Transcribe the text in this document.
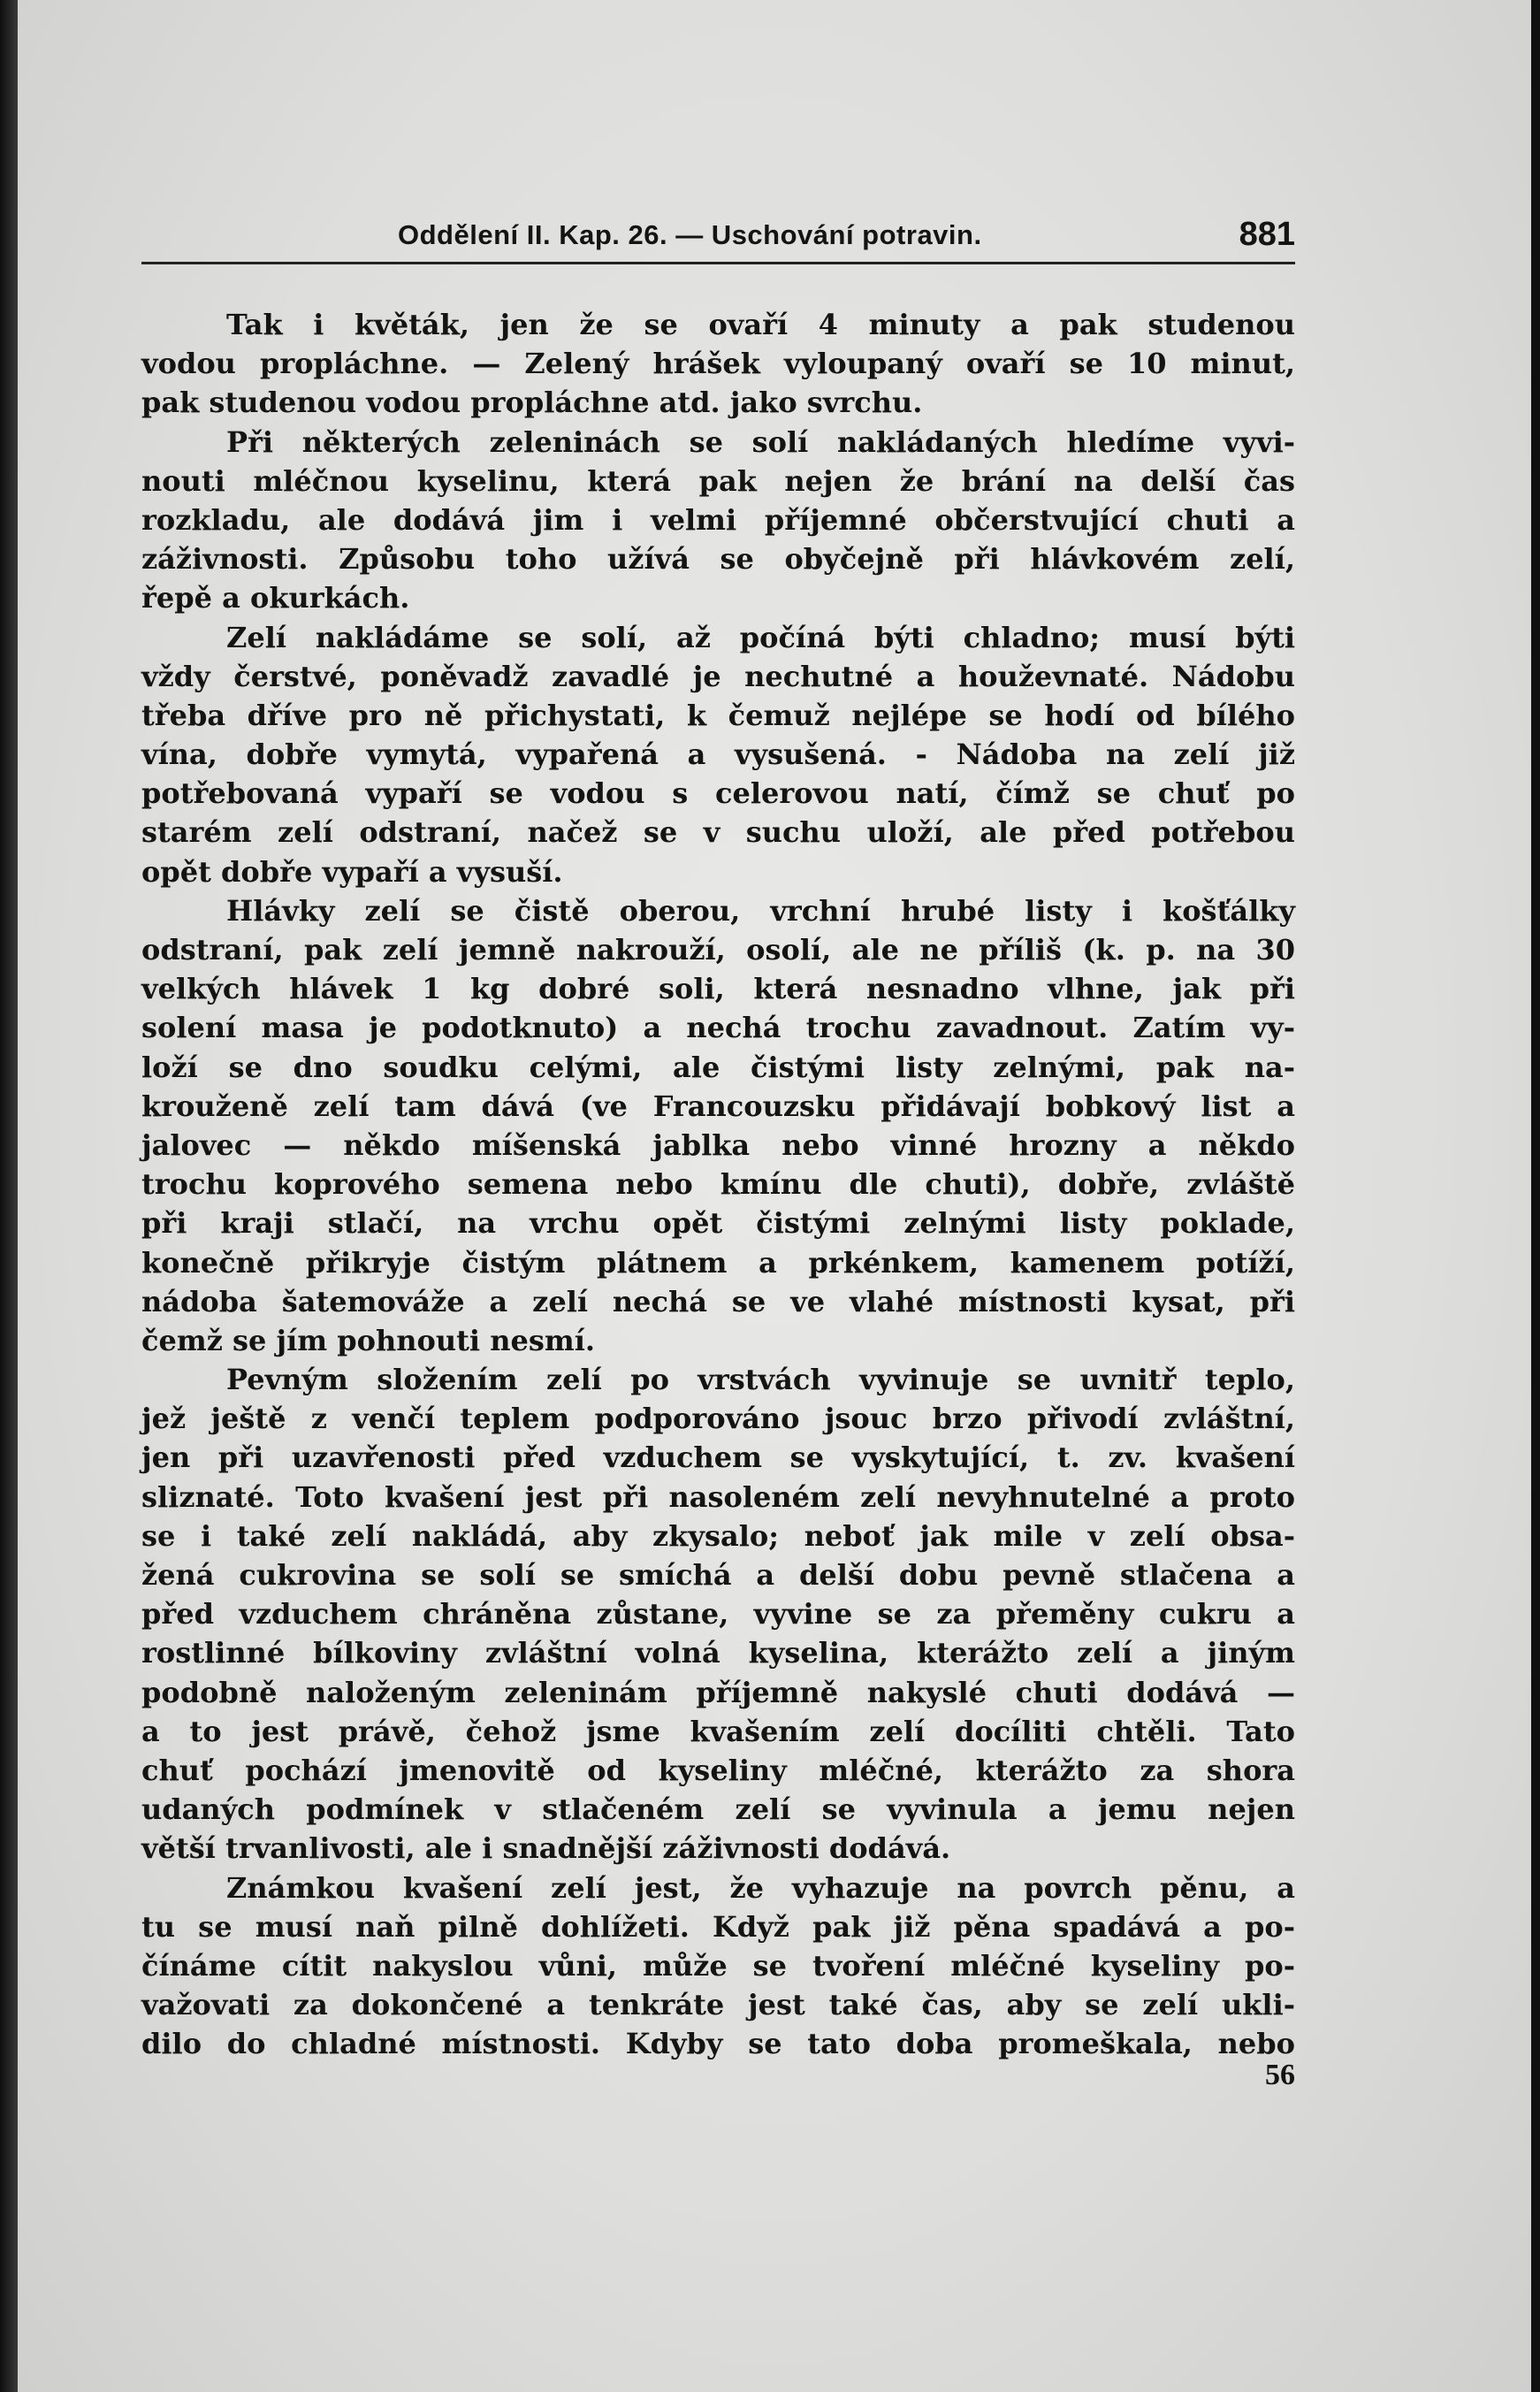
Oddělení II. Kap. 26. — Uschování potravin.	881
Tak i květák, jen že se ovaří 4 minuty a pak studenou
vodou propláchne. — Zelený hrášek vyloupaný ovaří se 10 minut,
pak studenou vodou propláchne atd. jako svrchu.
Při některých zeleninách se solí nakládaných hledíme vyvi-
nouti mléčnou kyselinu, která pak nejen že brání na delší čas
rozkladu, ale dodává jim i velmi příjemné občerstvující chuti a
záživnosti. Způsobu toho užívá se obyčejně při hlávkovém zelí,
řepě a okurkách.
Zelí nakládáme se solí, až počíná býti chladno; musí býti
vždy čerstvé, poněvadž zavadlé je nechutné a houževnaté. Nádobu
třeba dříve pro ně přichystati, k čemuž nejlépe se hodí od bílého
vína, dobře vymytá, vypařená a vysušená. - Nádoba na zelí již
potřebovaná vypaří se vodou s celerovou natí, čímž se chuť po
starém zelí odstraní, načež se v suchu uloží, ale před potřebou
opět dobře vypaří a vysuší.
Hlávky zelí se čistě oberou, vrchní hrubé listy i košťálky
odstraní, pak zelí jemně nakrouží, osolí, ale ne příliš (k. p. na 30
velkých hlávek 1 kg dobré soli, která nesnadno vlhne, jak při
solení masa je podotknuto) a nechá trochu zavadnout. Zatím vy-
loží se dno soudku celými, ale čistými listy zelnými, pak na-
krouženě zelí tam dává (ve Francouzsku přidávají bobkový list a
jalovec — někdo míšenská jablka nebo vinné hrozny a někdo
trochu koprového semena nebo kmínu dle chuti), dobře, zvláště
při kraji stlačí, na vrchu opět čistými zelnými listy poklade,
konečně přikryje čistým plátnem a prkénkem, kamenem potíží,
nádoba šatemováže a zelí nechá se ve vlahé místnosti kysat, při
čemž se jím pohnouti nesmí.
Pevným složením zelí po vrstvách vyvinuje se uvnitř teplo,
jež ještě z venčí teplem podporováno jsouc brzo přivodí zvláštní,
jen při uzavřenosti před vzduchem se vyskytující, t. zv. kvašení
sliznaté. Toto kvašení jest při nasoleném zelí nevyhnutelné a proto
se i také zelí nakládá, aby zkysalo; neboť jak mile v zelí obsa-
žená cukrovina se solí se smíchá a delší dobu pevně stlačena a
před vzduchem chráněna zůstane, vyvine se za přeměny cukru a
rostlinné bílkoviny zvláštní volná kyselina, kterážto zelí a jiným
podobně naloženým zeleninám příjemně nakyslé chuti dodává —
a to jest právě, čehož jsme kvašením zelí docíliti chtěli. Tato
chuť pochází jmenovitě od kyseliny mléčné, kterážto za shora
udaných podmínek v stlačeném zelí se vyvinula a jemu nejen
větší trvanlivosti, ale i snadnější záživnosti dodává.
Známkou kvašení zelí jest, že vyhazuje na povrch pěnu, a
tu se musí naň pilně dohlížeti. Když pak již pěna spadává a po-
čínáme cítit nakyslou vůni, může se tvoření mléčné kyseliny po-
važovati za dokončené a tenkráte jest také čas, aby se zelí ukli-
dilo do chladné místnosti. Kdyby se tato doba promeškala, nebo
56
